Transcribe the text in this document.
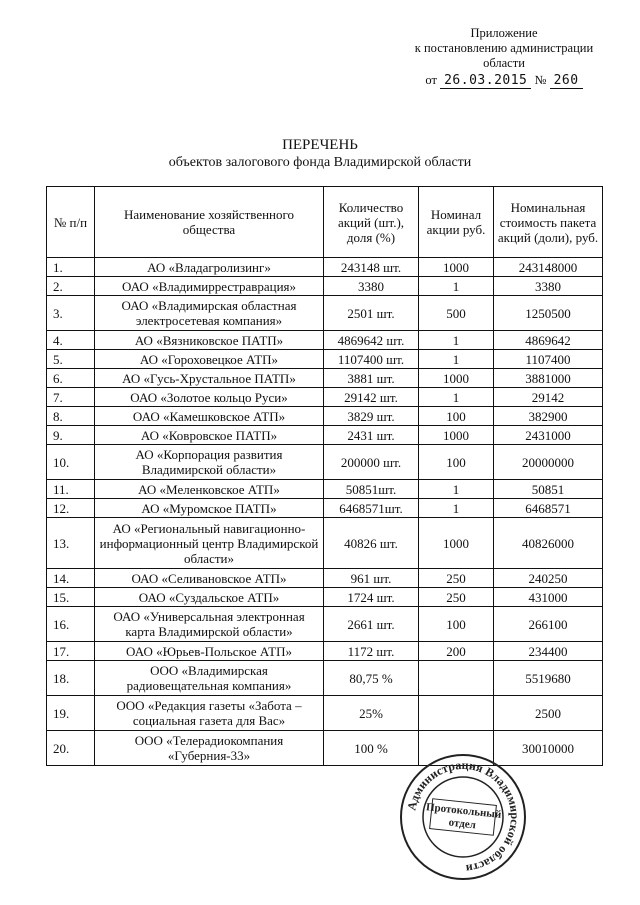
Приложение
к постановлению администрации
области
от 26.03.2015 № 260
ПЕРЕЧЕНЬ
объектов залогового фонда Владимирской области
№ п/п	Наименование хозяйственного общества	Количество акций (шт.), доля (%)	Номинал акции руб.	Номинальная стоимость пакета акций (доли), руб.
1.	АО «Владагролизинг»	243148 шт.	1000	243148000
2.	ОАО «Владимиррестраврация»	3380	1	3380
3.	ОАО «Владимирская областная электросетевая компания»	2501 шт.	500	1250500
4.	АО «Вязниковское ПАТП»	4869642 шт.	1	4869642
5.	АО «Гороховецкое АТП»	1107400 шт.	1	1107400
6.	АО «Гусь-Хрустальное ПАТП»	3881 шт.	1000	3881000
7.	ОАО «Золотое кольцо Руси»	29142 шт.	1	29142
8.	ОАО «Камешковское АТП»	3829 шт.	100	382900
9.	АО «Ковровское ПАТП»	2431 шт.	1000	2431000
10.	АО «Корпорация развития Владимирской области»	200000 шт.	100	20000000
11.	АО «Меленковское АТП»	50851шт.	1	50851
12.	АО «Муромское ПАТП»	6468571шт.	1	6468571
13.	АО «Региональный навигационно-информационный центр Владимирской области»	40826 шт.	1000	40826000
14.	ОАО «Селивановское АТП»	961 шт.	250	240250
15.	ОАО «Суздальское АТП»	1724 шт.	250	431000
16.	ОАО «Универсальная электронная карта Владимирской области»	2661 шт.	100	266100
17.	ОАО «Юрьев-Польское АТП»	1172 шт.	200	234400
18.	ООО «Владимирская радиовещательная компания»	80,75 %		5519680
19.	ООО «Редакция газеты «Забота – социальная газета для Вас»	25%		2500
20.	ООО «Телерадиокомпания «Губерния-33»	100 %		30010000
Администрация Владимирской области
Протокольный
отдел
